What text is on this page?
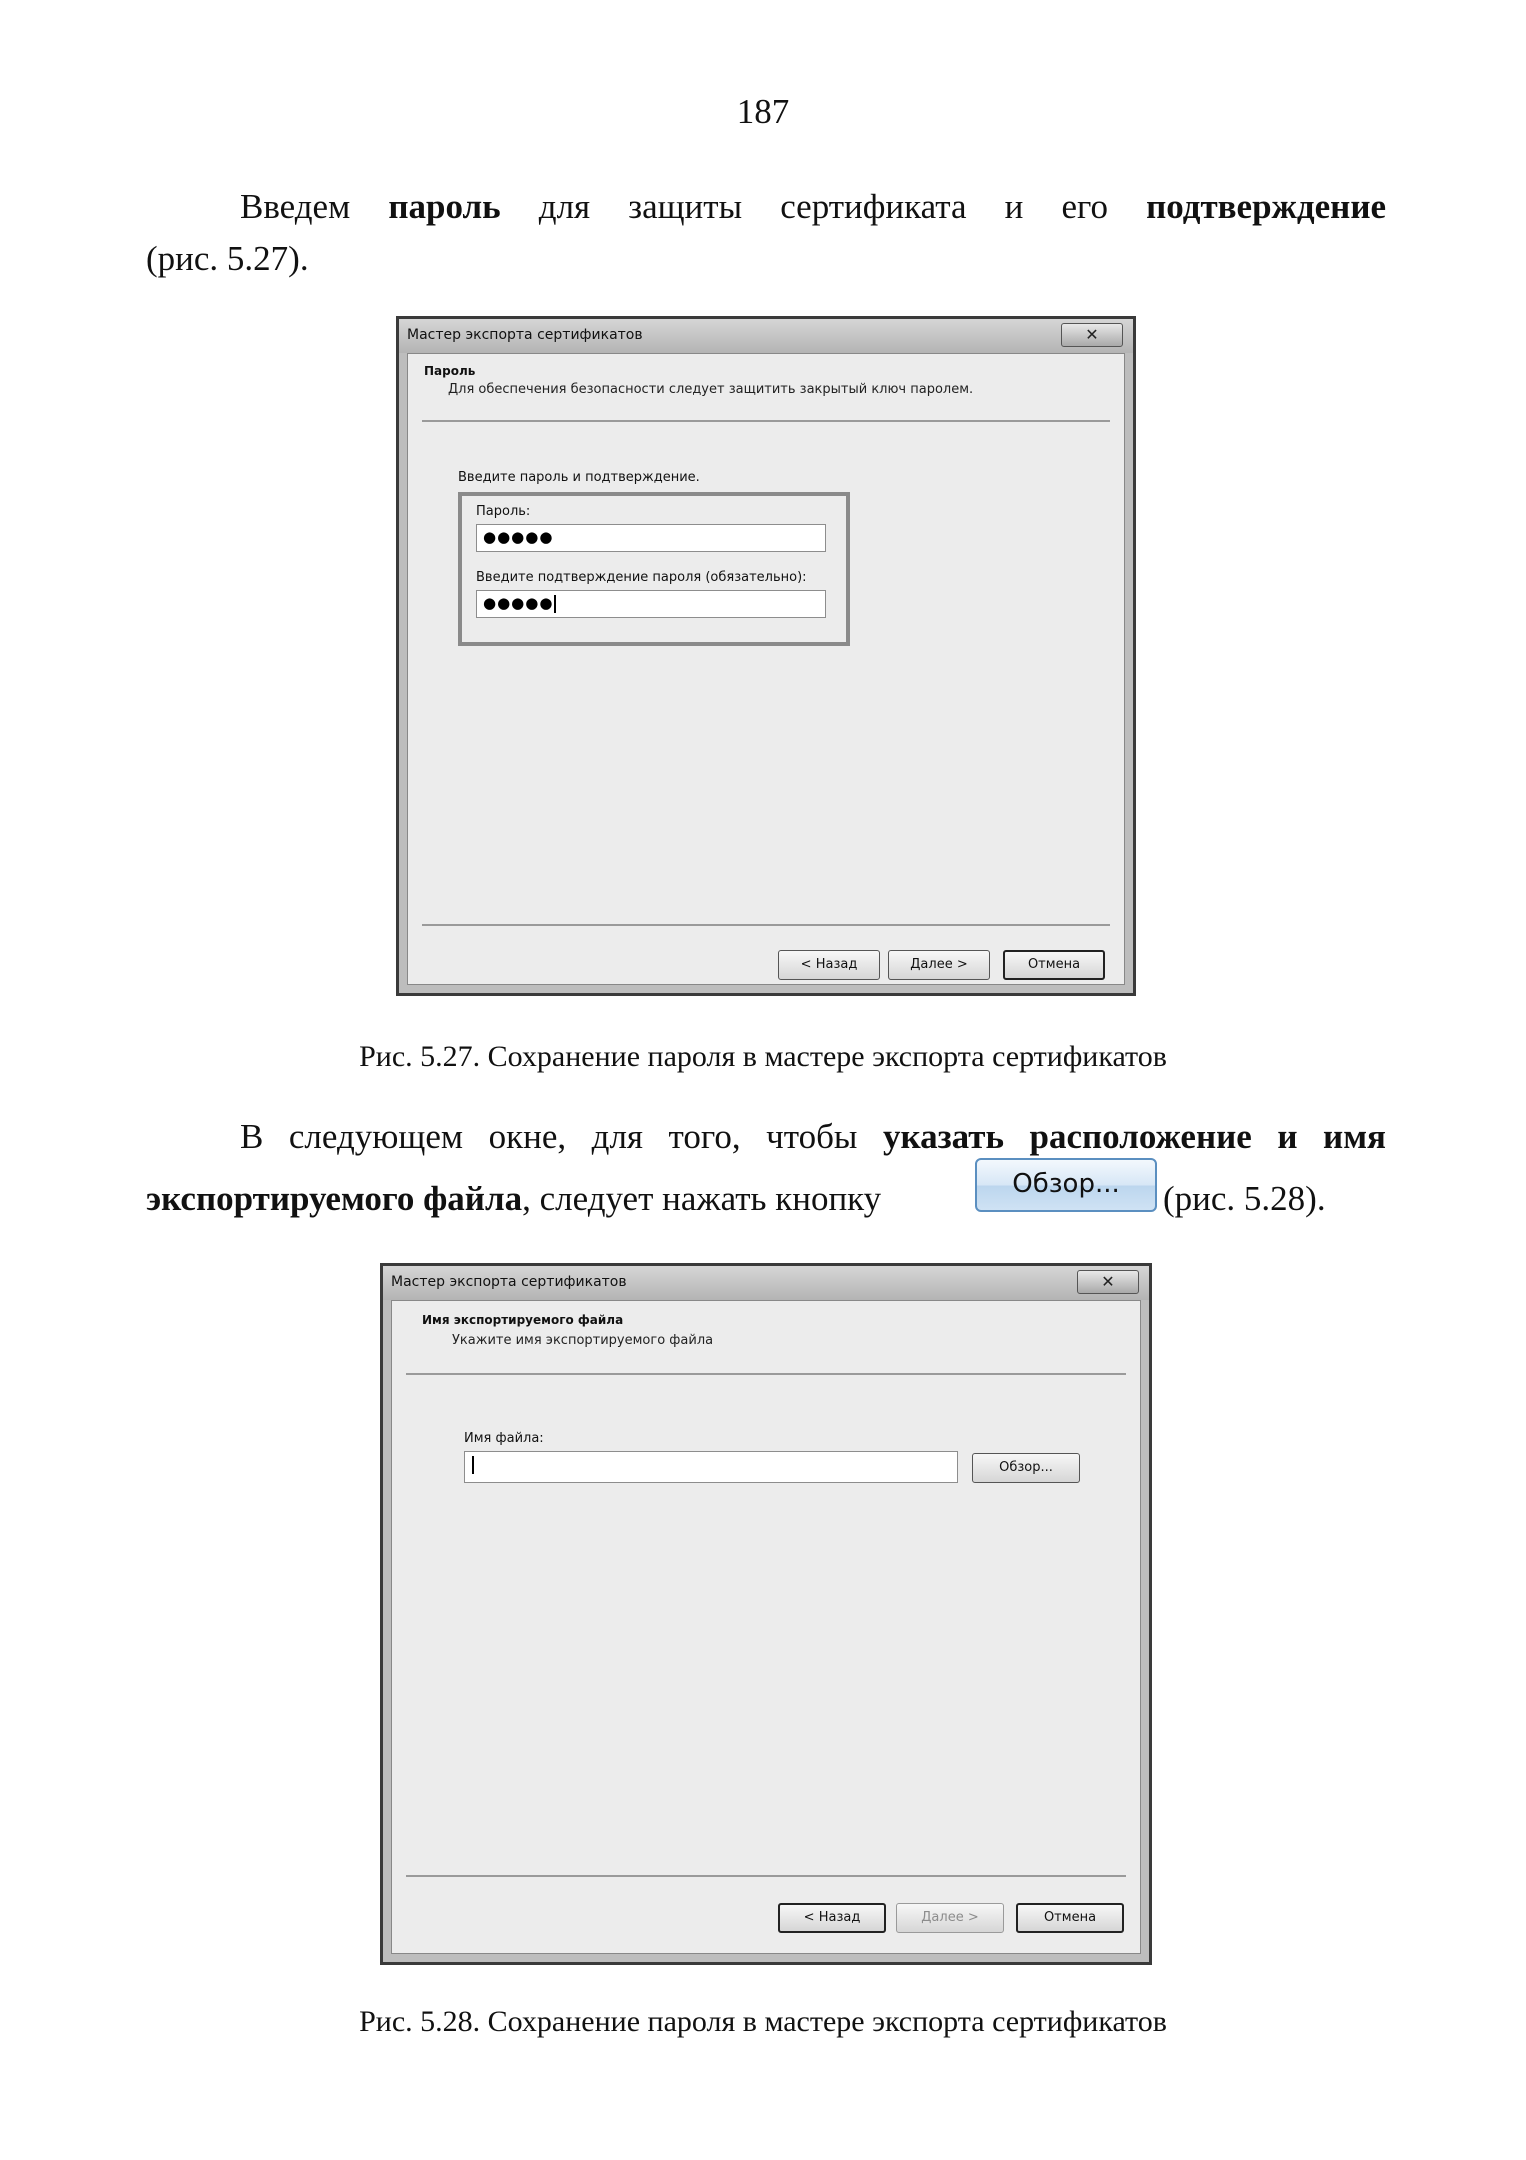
187
Введем пароль для защиты сертификата и его подтверждение
(рис. 5.27).
Мастер экспорта сертификатов	✕
Пароль
Для обеспечения безопасности следует защитить закрытый ключ паролем.
Введите пароль и подтверждение.
Пароль:
●●●●●
Введите подтверждение пароля (обязательно):
●●●●●
< Назад	Далее >	Отмена
Рис. 5.27. Сохранение пароля в мастере экспорта сертификатов
В следующем окне, для того, чтобы указать расположение и имя
экспортируемого файла, следует нажать кнопку	(рис. 5.28).
Обзор...
Мастер экспорта сертификатов	✕
Имя экспортируемого файла
Укажите имя экспортируемого файла
Имя файла:
Обзор...
< Назад	Далее >	Отмена
Рис. 5.28. Сохранение пароля в мастере экспорта сертификатов
